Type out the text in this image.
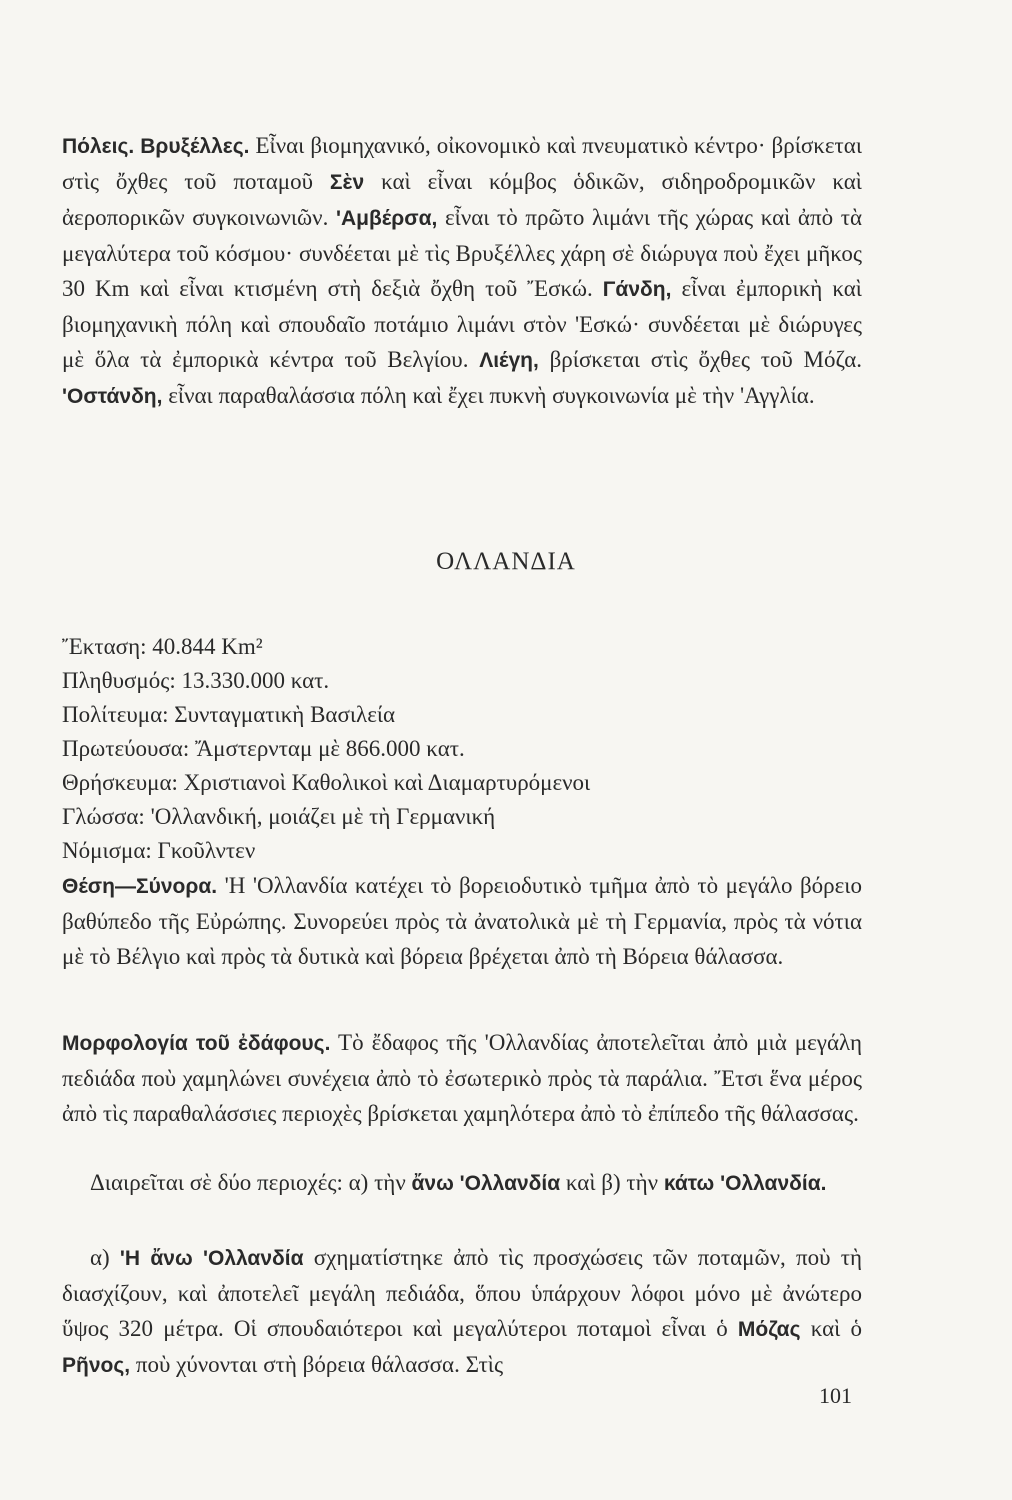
Πόλεις. Βρυξέλλες. Εἶναι βιομηχανικό, οἰκονομικὸ καὶ πνευματικὸ κέντρο· βρίσκεται στὶς ὄχθες τοῦ ποταμοῦ Σὲν καὶ εἶναι κόμβος ὁδικῶν, σιδηροδρομικῶν καὶ ἀεροπορικῶν συγκοινωνιῶν. 'Αμβέρσα, εἶναι τὸ πρῶτο λιμάνι τῆς χώρας καὶ ἀπὸ τὰ μεγαλύτερα τοῦ κόσμου· συνδέεται μὲ τὶς Βρυξέλλες χάρη σὲ διώρυγα ποὺ ἔχει μῆκος 30 Km καὶ εἶναι κτισμένη στὴ δεξιὰ ὄχθη τοῦ Ἔσκώ. Γάνδη, εἶναι ἐμπορικὴ καὶ βιομηχανικὴ πόλη καὶ σπουδαῖο ποτάμιο λιμάνι στὸν 'Εσκώ· συνδέεται μὲ διώρυγες μὲ ὅλα τὰ ἐμπορικὰ κέντρα τοῦ Βελγίου. Λιέγη, βρίσκεται στὶς ὄχθες τοῦ Μόζα. 'Οστάνδη, εἶναι παραθαλάσσια πόλη καὶ ἔχει πυκνὴ συγκοινωνία μὲ τὴν 'Αγγλία.

ΟΛΛΑΝΔΙΑ
Ἔκταση: 40.844 Km²
Πληθυσμός: 13.330.000 κατ.
Πολίτευμα: Συνταγματικὴ Βασιλεία
Πρωτεύουσα: Ἄμστερνταμ μὲ 866.000 κατ.
Θρήσκευμα: Χριστιανοὶ Καθολικοὶ καὶ Διαμαρτυρόμενοι
Γλώσσα: 'Ολλανδική, μοιάζει μὲ τὴ Γερμανική
Νόμισμα: Γκοῦλντεν

Θέση—Σύνορα. 'Η 'Ολλανδία κατέχει τὸ βορειοδυτικὸ τμῆμα ἀπὸ τὸ μεγάλο βόρειο βαθύπεδο τῆς Εὐρώπης. Συνορεύει πρὸς τὰ ἀνατολικὰ μὲ τὴ Γερμανία, πρὸς τὰ νότια μὲ τὸ Βέλγιο καὶ πρὸς τὰ δυτικὰ καὶ βόρεια βρέχεται ἀπὸ τὴ Βόρεια θάλασσα.

Μορφολογία τοῦ ἐδάφους. Τὸ ἔδαφος τῆς 'Ολλανδίας ἀποτελεῖται ἀπὸ μιὰ μεγάλη πεδιάδα ποὺ χαμηλώνει συνέχεια ἀπὸ τὸ ἐσωτερικὸ πρὸς τὰ παράλια. Ἔτσι ἕνα μέρος ἀπὸ τὶς παραθαλάσσιες περιοχὲς βρίσκεται χαμηλότερα ἀπὸ τὸ ἐπίπεδο τῆς θάλασσας.

Διαιρεῖται σὲ δύο περιοχές: α) τὴν ἄνω 'Ολλανδία καὶ β) τὴν κάτω 'Ολλανδία.

α) 'Η ἄνω 'Ολλανδία σχηματίστηκε ἀπὸ τὶς προσχώσεις τῶν ποταμῶν, ποὺ τὴ διασχίζουν, καὶ ἀποτελεῖ μεγάλη πεδιάδα, ὅπου ὑπάρχουν λόφοι μόνο μὲ ἀνώτερο ὕψος 320 μέτρα. Οἱ σπουδαιότεροι καὶ μεγαλύτεροι ποταμοὶ εἶναι ὁ Μόζας καὶ ὁ Ρῆνος, ποὺ χύνονται στὴ βόρεια θάλασσα. Στὶς

101
